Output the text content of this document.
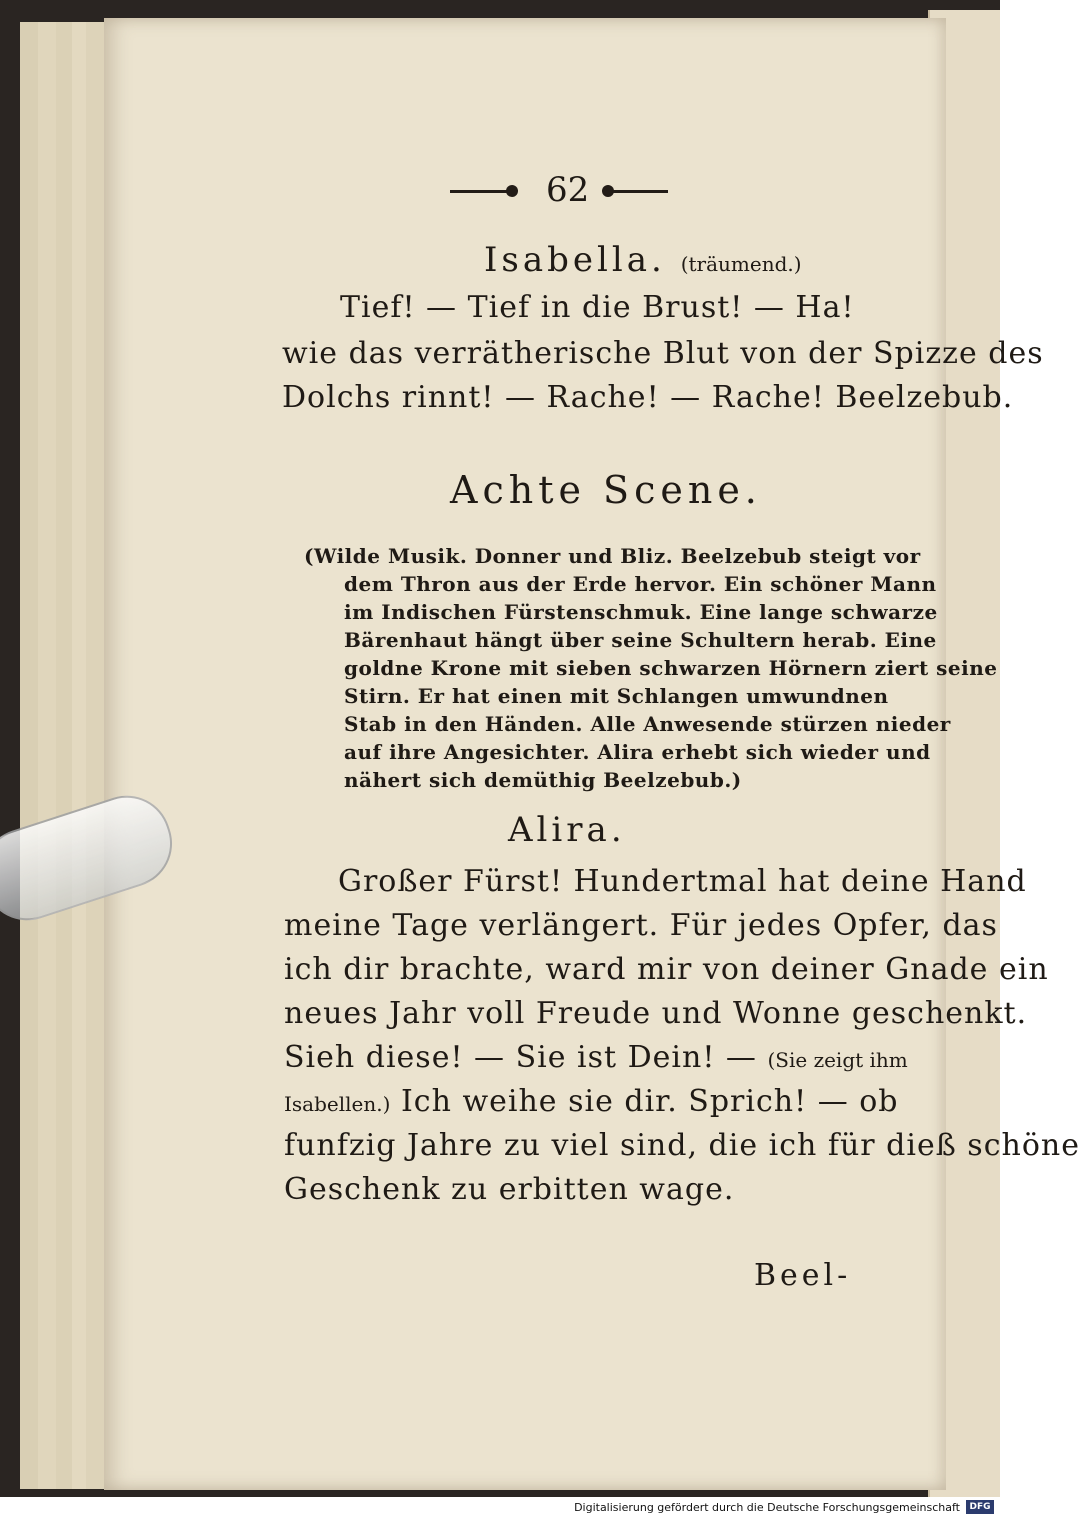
62
Isabella. (träumend.)
Tief! — Tief in die Brust! — Ha!
wie das verrätherische Blut von der Spizze des
Dolchs rinnt! — Rache! — Rache! Beelzebub.
Achte Scene.
(Wilde Musik. Donner und Bliz. Beelzebub steigt vor
dem Thron aus der Erde hervor. Ein schöner Mann
im Indischen Fürstenschmuk. Eine lange schwarze
Bärenhaut hängt über seine Schultern herab. Eine
goldne Krone mit sieben schwarzen Hörnern ziert seine
Stirn. Er hat einen mit Schlangen umwundnen
Stab in den Händen. Alle Anwesende stürzen nieder
auf ihre Angesichter. Alira erhebt sich wieder und
nähert sich demüthig Beelzebub.)
Alira.
Großer Fürst! Hundertmal hat deine Hand
meine Tage verlängert. Für jedes Opfer, das
ich dir brachte, ward mir von deiner Gnade ein
neues Jahr voll Freude und Wonne geschenkt.
Sieh diese! — Sie ist Dein! — (Sie zeigt ihm
Isabellen.) Ich weihe sie dir. Sprich! — ob
funfzig Jahre zu viel sind, die ich für dieß schöne
Geschenk zu erbitten wage.
Beel-
Digitalisierung gefördert durch die Deutsche Forschungsgemeinschaft	DFG
